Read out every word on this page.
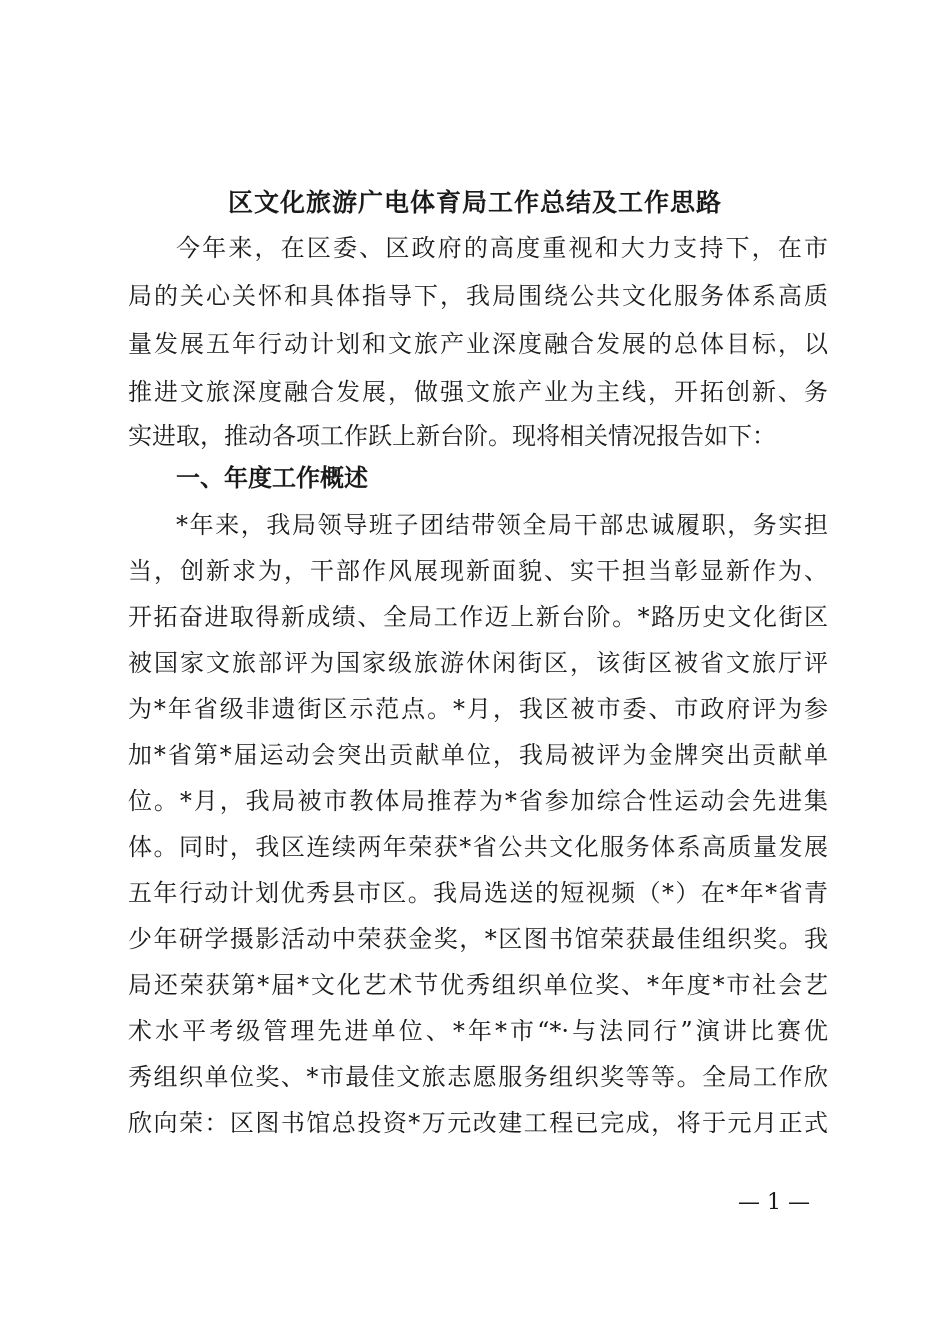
区文化旅游广电体育局工作总结及工作思路
今年来，在区委、区政府的高度重视和大力支持下，在市
局的关心关怀和具体指导下，我局围绕公共文化服务体系高质
量发展五年行动计划和文旅产业深度融合发展的总体目标，以
推进文旅深度融合发展，做强文旅产业为主线，开拓创新、务
实进取，推动各项工作跃上新台阶。现将相关情况报告如下：
一、年度工作概述
*年来，我局领导班子团结带领全局干部忠诚履职，务实担
当，创新求为，干部作风展现新面貌、实干担当彰显新作为、
开拓奋进取得新成绩、全局工作迈上新台阶。*路历史文化街区
被国家文旅部评为国家级旅游休闲街区，该街区被省文旅厅评
为*年省级非遗街区示范点。*月，我区被市委、市政府评为参
加*省第*届运动会突出贡献单位，我局被评为金牌突出贡献单
位。*月，我局被市教体局推荐为*省参加综合性运动会先进集
体。同时，我区连续两年荣获*省公共文化服务体系高质量发展
五年行动计划优秀县市区。我局选送的短视频（*）在*年*省青
少年研学摄影活动中荣获金奖，*区图书馆荣获最佳组织奖。我
局还荣获第*届*文化艺术节优秀组织单位奖、*年度*市社会艺
术水平考级管理先进单位、*年*市“*·与法同行”演讲比赛优
秀组织单位奖、*市最佳文旅志愿服务组织奖等等。全局工作欣
欣向荣：区图书馆总投资*万元改建工程已完成，将于元月正式
— 1 —
